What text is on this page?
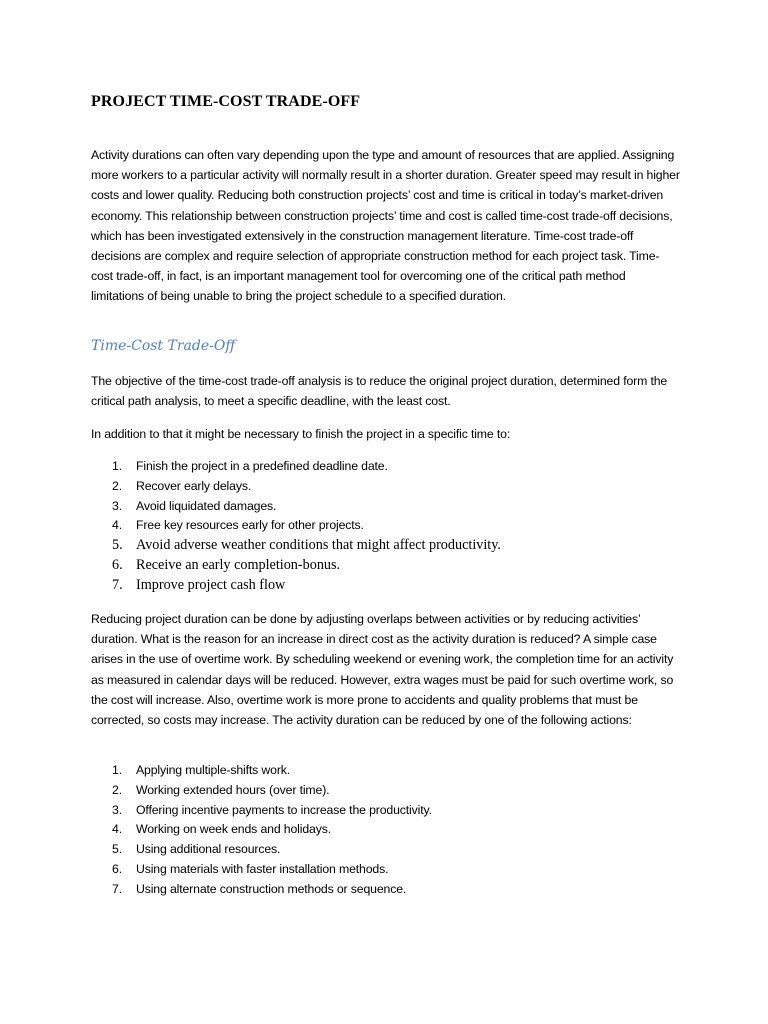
PROJECT TIME-COST TRADE-OFF

Activity durations can often vary depending upon the type and amount of resources that are applied. Assigning more workers to a particular activity will normally result in a shorter duration. Greater speed may result in higher costs and lower quality. Reducing both construction projects’ cost and time is critical in today’s market-driven economy. This relationship between construction projects’ time and cost is called time-cost trade-off decisions, which has been investigated extensively in the construction management literature. Time-cost trade-off decisions are complex and require selection of appropriate construction method for each project task. Time-cost trade-off, in fact, is an important management tool for overcoming one of the critical path method limitations of being unable to bring the project schedule to a specified duration.

Time-Cost Trade-Off

The objective of the time-cost trade-off analysis is to reduce the original project duration, determined form the critical path analysis, to meet a specific deadline, with the least cost.

In addition to that it might be necessary to finish the project in a specific time to:

1. Finish the project in a predefined deadline date.
2. Recover early delays.
3. Avoid liquidated damages.
4. Free key resources early for other projects.
5. Avoid adverse weather conditions that might affect productivity.
6. Receive an early completion-bonus.
7. Improve project cash flow

Reducing project duration can be done by adjusting overlaps between activities or by reducing activities’ duration. What is the reason for an increase in direct cost as the activity duration is reduced? A simple case arises in the use of overtime work. By scheduling weekend or evening work, the completion time for an activity as measured in calendar days will be reduced. However, extra wages must be paid for such overtime work, so the cost will increase. Also, overtime work is more prone to accidents and quality problems that must be corrected, so costs may increase. The activity duration can be reduced by one of the following actions:

1. Applying multiple-shifts work.
2. Working extended hours (over time).
3. Offering incentive payments to increase the productivity.
4. Working on week ends and holidays.
5. Using additional resources.
6. Using materials with faster installation methods.
7. Using alternate construction methods or sequence.
